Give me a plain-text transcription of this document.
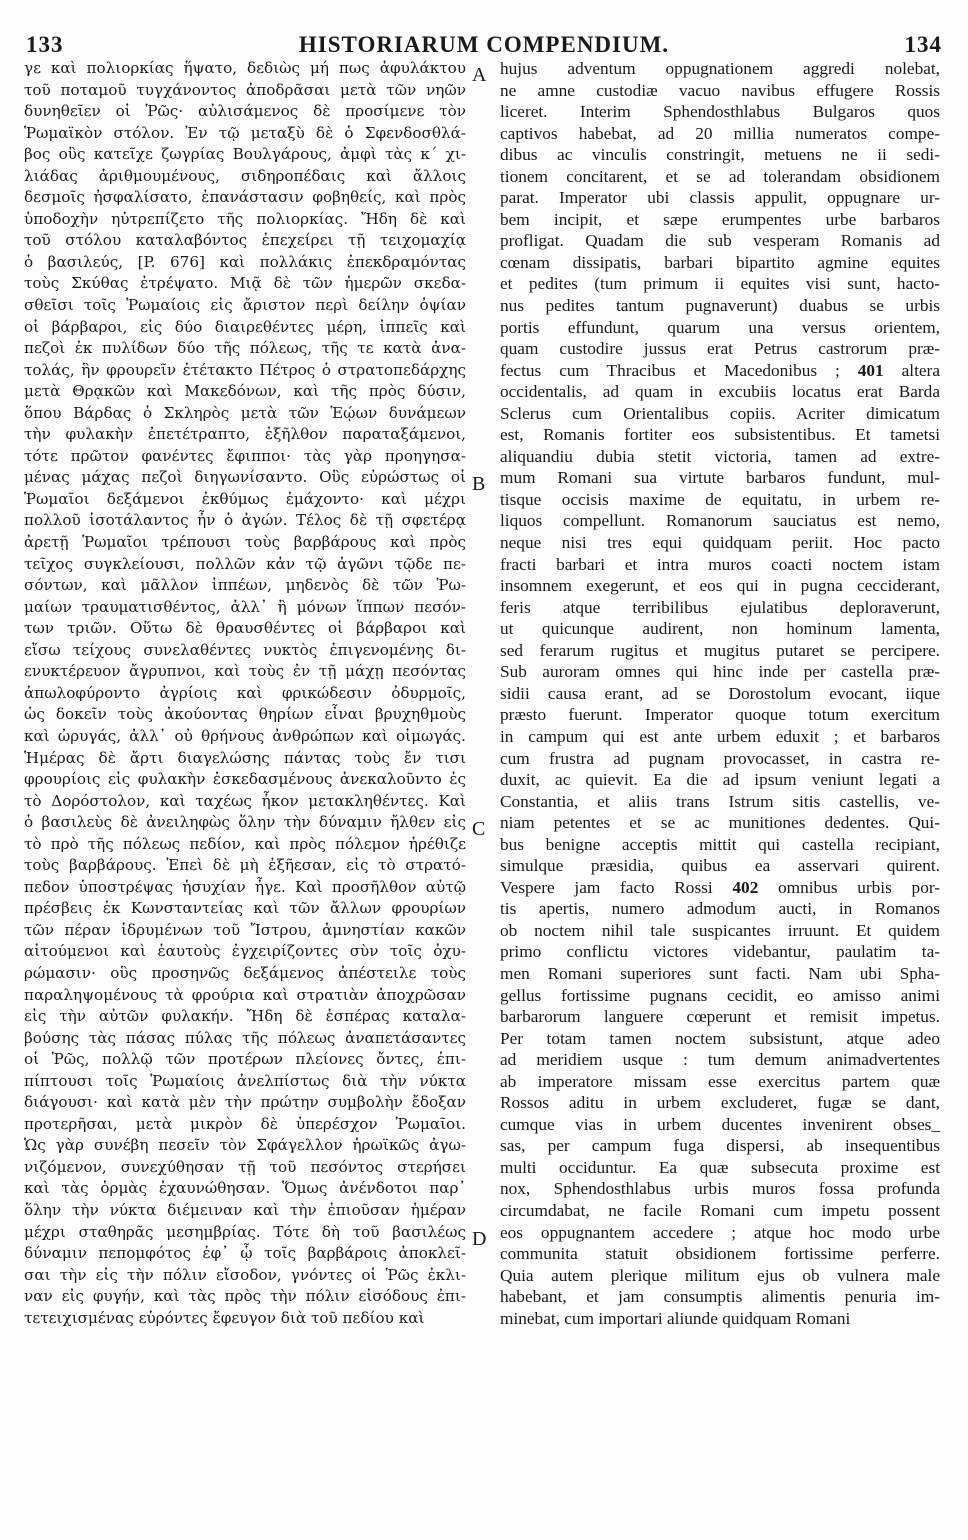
133	HISTORIARUM COMPENDIUM.	134
γε καὶ πολιορκίας ἥψατο, δεδιὼς μή πως ἀφυλάκτου
τοῦ ποταμοῦ τυγχάνοντος ἀποδρᾶσαι μετὰ τῶν νηῶν
δυνηθεῖεν οἱ Ῥῶς· αὐλισάμενος δὲ προσίμενε τὸν
Ῥωμαϊκὸν στόλον. Ἐν τῷ μεταξὺ δὲ ὁ Σφενδοσθλά-
βος οὓς κατεῖχε ζωγρίας Βουλγάρους, ἀμφὶ τὰς κ΄ χι-
λιάδας ἀριθμουμένους, σιδηροπέδαις καὶ ἄλλοις
δεσμοῖς ἠσφαλίσατο, ἐπανάστασιν φοβηθείς, καὶ πρὸς
ὑποδοχὴν ηὐτρεπίζετο τῆς πολιορκίας. Ἤδη δὲ καὶ
τοῦ στόλου καταλαβόντος ἐπεχείρει τῇ τειχομαχίᾳ
ὁ βασιλεύς, [P. 676] καὶ πολλάκις ἐπεκδραμόντας
τοὺς Σκύθας ἐτρέψατο. Μιᾷ δὲ τῶν ἡμερῶν σκεδα-
σθεῖσι τοῖς Ῥωμαίοις εἰς ἄριστον περὶ δείλην ὀψίαν
οἱ βάρβαροι, εἰς δύο διαιρεθέντες μέρη, ἱππεῖς καὶ
πεζοὶ ἐκ πυλίδων δύο τῆς πόλεως, τῆς τε κατὰ ἀνα-
τολάς, ἣν φρουρεῖν ἐτέτακτο Πέτρος ὁ στρατοπεδάρχης
μετὰ Θρᾳκῶν καὶ Μακεδόνων, καὶ τῆς πρὸς δύσιν,
ὅπου Βάρδας ὁ Σκληρὸς μετὰ τῶν Ἑῴων δυνάμεων
τὴν φυλακὴν ἐπετέτραπτο, ἐξῆλθον παραταξάμενοι,
τότε πρῶτον φανέντες ἔφιπποι· τὰς γὰρ προηγησα-
μένας μάχας πεζοὶ διηγωνίσαντο. Οὓς εὐρώστως οἱ
Ῥωμαῖοι δεξάμενοι ἐκθύμως ἐμάχοντο· καὶ μέχρι
πολλοῦ ἰσοτάλαντος ἦν ὁ ἀγών. Τέλος δὲ τῇ σφετέρᾳ
ἀρετῇ Ῥωμαῖοι τρέπουσι τοὺς βαρβάρους καὶ πρὸς
τεῖχος συγκλείουσι, πολλῶν κἀν τῷ ἀγῶνι τῷδε πε-
σόντων, καὶ μᾶλλον ἱππέων, μηδενὸς δὲ τῶν Ῥω-
μαίων τραυματισθέντος, ἀλλ᾽ ἢ μόνων ἵππων πεσόν-
των τριῶν. Οὕτω δὲ θραυσθέντες οἱ βάρβαροι καὶ
εἴσω τείχους συνελαθέντες νυκτὸς ἐπιγενομένης δι-
ενυκτέρευον ἄγρυπνοι, καὶ τοὺς ἐν τῇ μάχῃ πεσόντας
ἀπωλοφύροντο ἀγρίοις καὶ φρικώδεσιν ὀδυρμοῖς,
ὡς δοκεῖν τοὺς ἀκούοντας θηρίων εἶναι βρυχηθμοὺς
καὶ ὠρυγάς, ἀλλ᾽ οὐ θρήνους ἀνθρώπων καὶ οἰμωγάς.
Ἡμέρας δὲ ἄρτι διαγελώσης πάντας τοὺς ἔν τισι
φρουρίοις εἰς φυλακὴν ἐσκεδασμένους ἀνεκαλοῦντο ἐς
τὸ Δορόστολον, καὶ ταχέως ἧκον μετακληθέντες. Καὶ
ὁ βασιλεὺς δὲ ἀνειληφὼς ὅλην τὴν δύναμιν ἤλθεν εἰς
τὸ πρὸ τῆς πόλεως πεδίον, καὶ πρὸς πόλεμον ἠρέθιζε
τοὺς βαρβάρους. Ἐπεὶ δὲ μὴ ἐξῆεσαν, εἰς τὸ στρατό-
πεδον ὑποστρέψας ἡσυχίαν ἦγε. Καὶ προσῆλθον αὐτῷ
πρέσβεις ἐκ Κωνσταντείας καὶ τῶν ἄλλων φρουρίων
τῶν πέραν ἱδρυμένων τοῦ Ἴστρου, ἀμνηστίαν κακῶν
αἰτούμενοι καὶ ἑαυτοὺς ἐγχειρίζοντες σὺν τοῖς ὀχυ-
ρώμασιν· οὓς προσηνῶς δεξάμενος ἀπέστειλε τοὺς
παραληψομένους τὰ φρούρια καὶ στρατιὰν ἀποχρῶσαν
εἰς τὴν αὐτῶν φυλακήν. Ἤδη δὲ ἑσπέρας καταλα-
βούσης τὰς πάσας πύλας τῆς πόλεως ἀναπετάσαντες
οἱ Ῥῶς, πολλῷ τῶν προτέρων πλείονες ὄντες, ἐπι-
πίπτουσι τοῖς Ῥωμαίοις ἀνελπίστως διὰ τὴν νύκτα
διάγουσι· καὶ κατὰ μὲν τὴν πρώτην συμβολὴν ἔδοξαν
προτερῆσαι, μετὰ μικρὸν δὲ ὑπερέσχον Ῥωμαῖοι.
Ὡς γὰρ συνέβη πεσεῖν τὸν Σφάγελλον ἡρωϊκῶς ἀγω-
νιζόμενον, συνεχύθησαν τῇ τοῦ πεσόντος στερήσει
καὶ τὰς ὁρμὰς ἐχαυνώθησαν. Ὅμως ἀνένδοτοι παρ᾽
ὅλην τὴν νύκτα διέμειναν καὶ τὴν ἐπιοῦσαν ἡμέραν
μέχρι σταθηρᾶς μεσημβρίας. Τότε δὴ τοῦ βασιλέως
δύναμιν πεπομφότος ἐφ᾽ ᾧ τοῖς βαρβάροις ἀποκλεῖ-
σαι τὴν εἰς τὴν πόλιν εἴσοδον, γνόντες οἱ Ῥῶς ἐκλι-
ναν εἰς φυγήν, καὶ τὰς πρὸς τὴν πόλιν εἰσόδους ἐπι-
τετειχισμένας εὑρόντες ἔφευγον διὰ τοῦ πεδίου καὶ
A
B
C
D
hujus adventum oppugnationem aggredi nolebat,
ne amne custodiæ vacuo navibus effugere Rossis
liceret. Interim Sphendosthlabus Bulgaros quos
captivos habebat, ad 20 millia numeratos compe-
dibus ac vinculis constringit, metuens ne ii sedi-
tionem concitarent, et se ad tolerandam obsidionem
parat. Imperator ubi classis appulit, oppugnare ur-
bem incipit, et sæpe erumpentes urbe barbaros
profligat. Quadam die sub vesperam Romanis ad
cœnam dissipatis, barbari bipartito agmine equites
et pedites (tum primum ii equites visi sunt, hacto-
nus pedites tantum pugnaverunt) duabus se urbis
portis effundunt, quarum una versus orientem,
quam custodire jussus erat Petrus castrorum præ-
fectus cum Thracibus et Macedonibus ; 401 altera
occidentalis, ad quam in excubiis locatus erat Barda
Sclerus cum Orientalibus copiis. Acriter dimicatum
est, Romanis fortiter eos subsistentibus. Et tametsi
aliquandiu dubia stetit victoria, tamen ad extre-
mum Romani sua virtute barbaros fundunt, mul-
tisque occisis maxime de equitatu, in urbem re-
liquos compellunt. Romanorum sauciatus est nemo,
neque nisi tres equi quidquam periit. Hoc pacto
fracti barbari et intra muros coacti noctem istam
insomnem exegerunt, et eos qui in pugna cecciderant,
feris atque terribilibus ejulatibus deploraverunt,
ut quicunque audirent, non hominum lamenta,
sed ferarum rugitus et mugitus putaret se percipere.
Sub auroram omnes qui hinc inde per castella præ-
sidii causa erant, ad se Dorostolum evocant, iique
præsto fuerunt. Imperator quoque totum exercitum
in campum qui est ante urbem eduxit ; et barbaros
cum frustra ad pugnam provocasset, in castra re-
duxit, ac quievit. Ea die ad ipsum veniunt legati a
Constantia, et aliis trans Istrum sitis castellis, ve-
niam petentes et se ac munitiones dedentes. Qui-
bus benigne acceptis mittit qui castella recipiant,
simulque præsidia, quibus ea asservari quirent.
Vespere jam facto Rossi 402 omnibus urbis por-
tis apertis, numero admodum aucti, in Romanos
ob noctem nihil tale suspicantes irruunt. Et quidem
primo conflictu victores videbantur, paulatim ta-
men Romani superiores sunt facti. Nam ubi Spha-
gellus fortissime pugnans cecidit, eo amisso animi
barbarorum languere cœperunt et remisit impetus.
Per totam tamen noctem subsistunt, atque adeo
ad meridiem usque : tum demum animadvertentes
ab imperatore missam esse exercitus partem quæ
Rossos aditu in urbem excluderet, fugæ se dant,
cumque vias in urbem ducentes invenirent obses_
sas, per campum fuga dispersi, ab insequentibus
multi occiduntur. Ea quæ subsecuta proxime est
nox, Sphendosthlabus urbis muros fossa profunda
circumdabat, ne facile Romani cum impetu possent
eos oppugnantem accedere ; atque hoc modo urbe
communita statuit obsidionem fortissime perferre.
Quia autem plerique militum ejus ob vulnera male
habebant, et jam consumptis alimentis penuria im-
minebat, cum importari aliunde quidquam Romani
